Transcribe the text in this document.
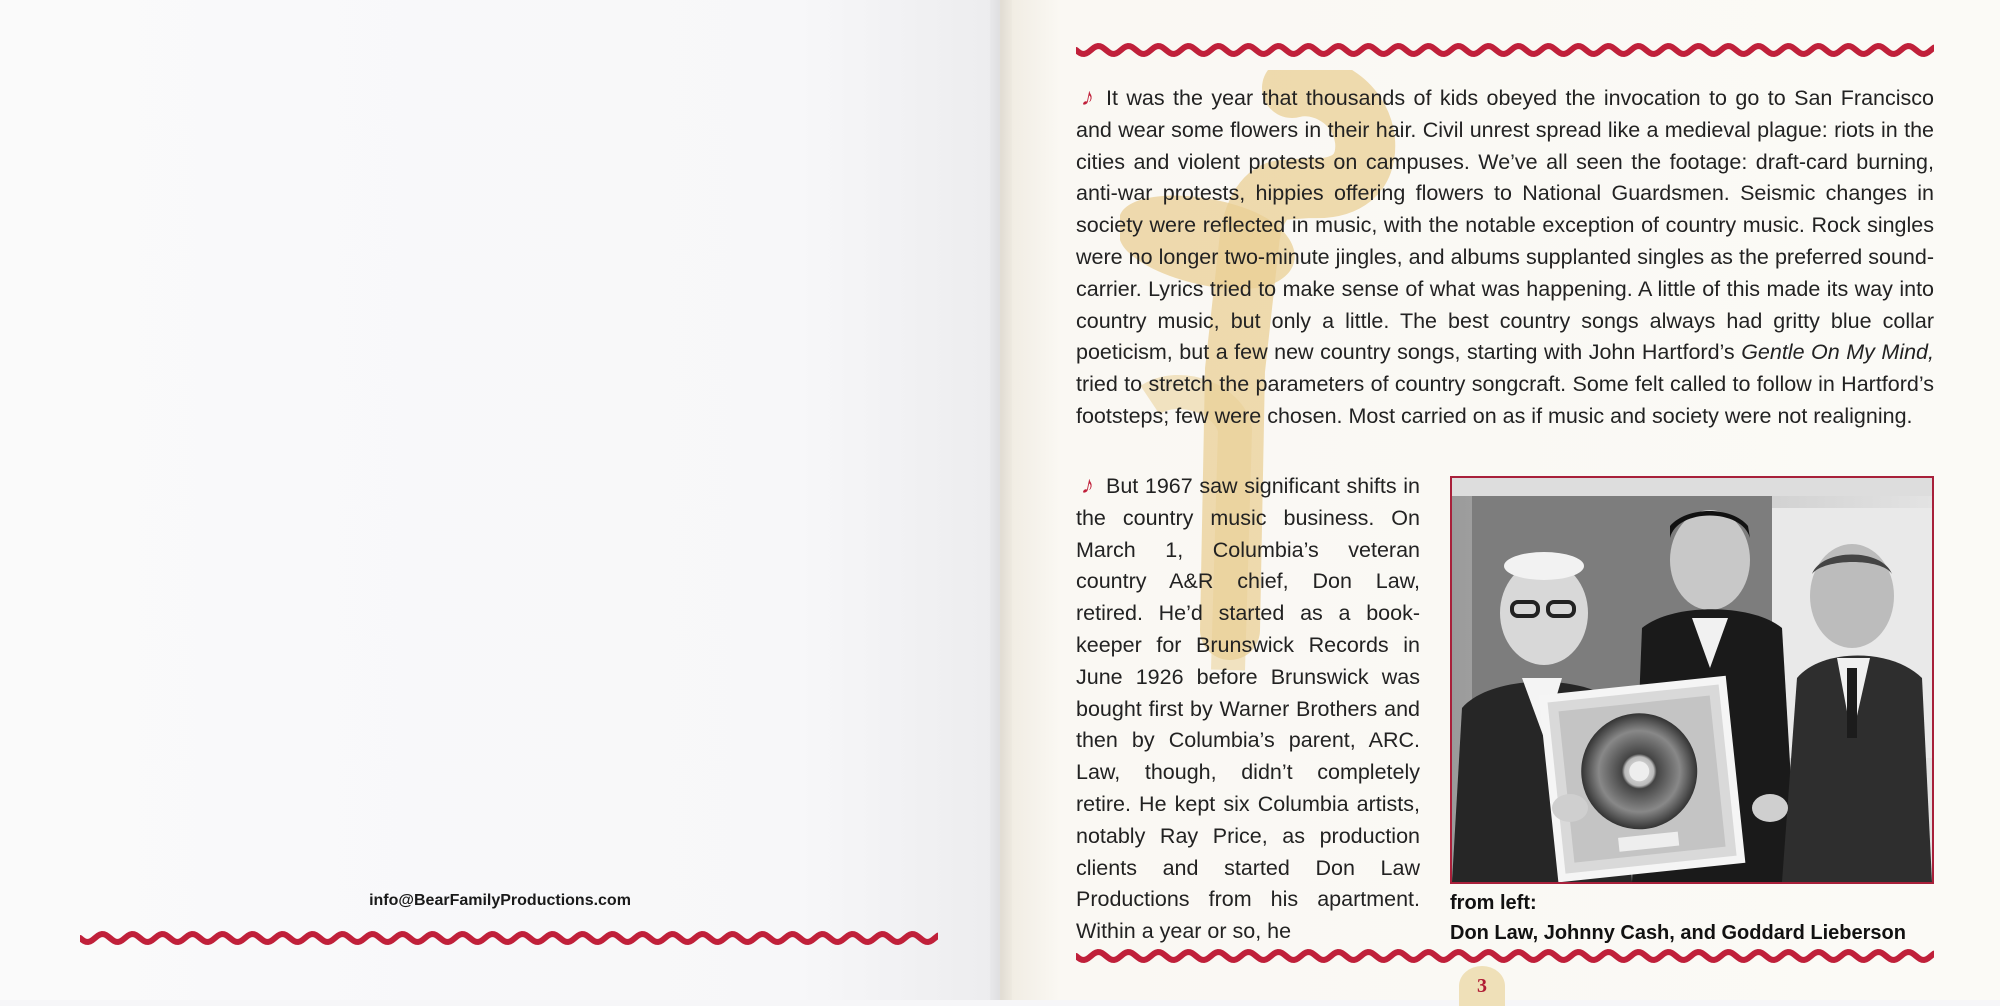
info@BearFamilyProductions.com
♪ It was the year that thousands of kids obeyed the invocation to go to San Francisco and wear some flowers in their hair. Civil unrest spread like a medieval plague: riots in the cities and violent protests on campuses. We’ve all seen the footage: draft-card burning, anti-war protests, hippies offering flowers to National Guardsmen. Seismic changes in society were reflected in music, with the notable exception of country music. Rock singles were no longer two-minute jingles, and albums supplanted singles as the preferred sound-carrier. Lyrics tried to make sense of what was happening. A little of this made its way into country music, but only a little. The best country songs always had gritty blue collar poeticism, but a few new country songs, starting with John Hartford’s Gentle On My Mind, tried to stretch the parameters of country songcraft. Some felt called to follow in Hartford’s footsteps; few were chosen. Most carried on as if music and society were not realigning.
♪ But 1967 saw significant shifts in the country music business. On March 1, Columbia’s veteran country A&R chief, Don Law, retired. He’d started as a book-keeper for Brunswick Records in June 1926 before Brunswick was bought first by Warner Brothers and then by Columbia’s parent, ARC. Law, though, didn’t completely retire. He kept six Columbia artists, notably Ray Price, as production clients and started Don Law Productions from his apartment. Within a year or so, he
from left:
Don Law, Johnny Cash, and Goddard Lieberson
3
